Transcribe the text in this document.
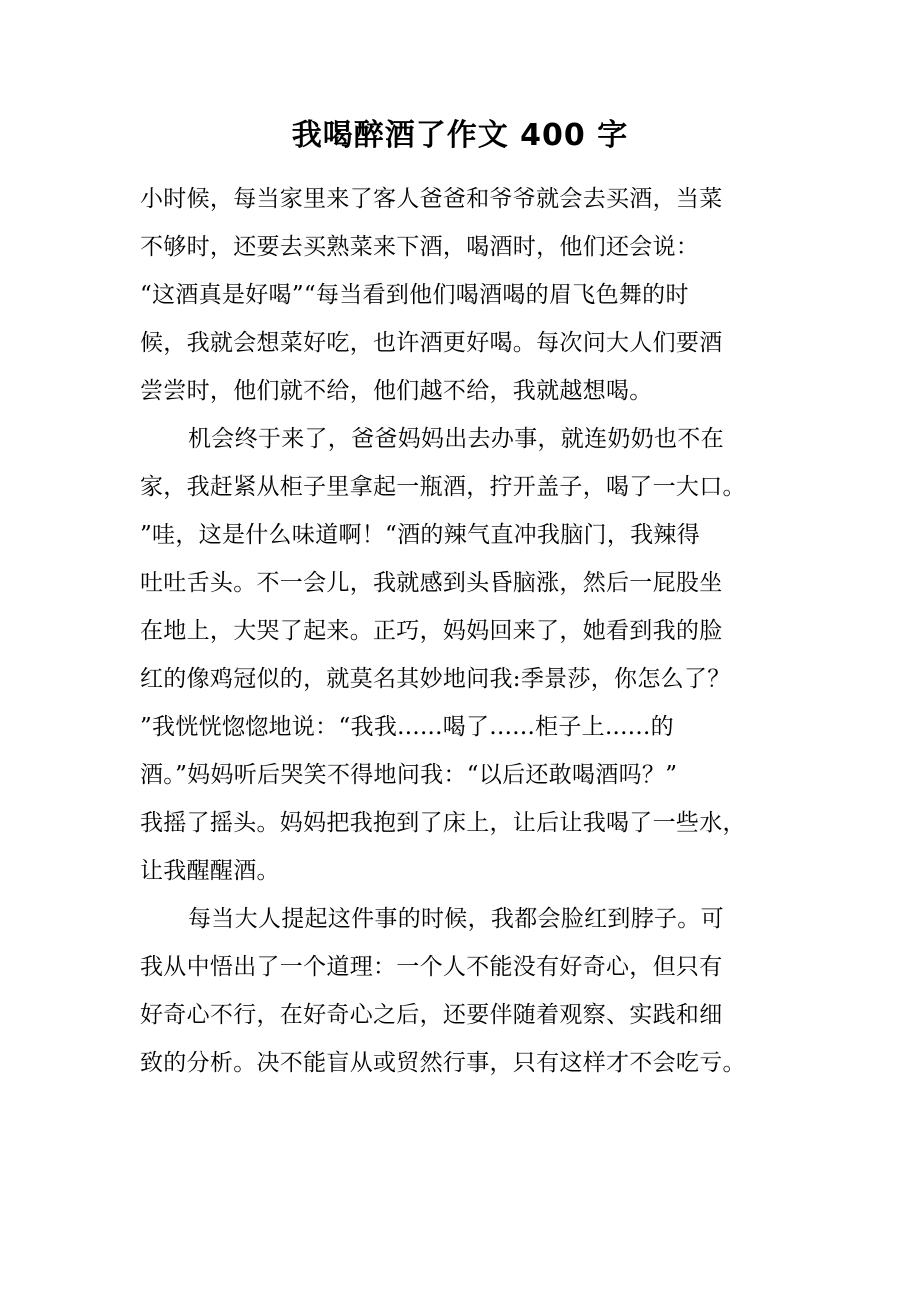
我喝醉酒了作文 400 字
小时候，每当家里来了客人爸爸和爷爷就会去买酒，当菜
不够时，还要去买熟菜来下酒，喝酒时，他们还会说：
“这酒真是好喝”“每当看到他们喝酒喝的眉飞色舞的时
候，我就会想菜好吃，也许酒更好喝。每次问大人们要酒
尝尝时，他们就不给，他们越不给，我就越想喝。
机会终于来了，爸爸妈妈出去办事，就连奶奶也不在
家，我赶紧从柜子里拿起一瓶酒，拧开盖子，喝了一大口。
”哇，这是什么味道啊！“酒的辣气直冲我脑门，我辣得
吐吐舌头。不一会儿，我就感到头昏脑涨，然后一屁股坐
在地上，大哭了起来。正巧，妈妈回来了，她看到我的脸
红的像鸡冠似的，就莫名其妙地问我:季景莎，你怎么了？
”我恍恍惚惚地说：“我我......喝了......柜子上......的
酒。”妈妈听后哭笑不得地问我：“以后还敢喝酒吗？”
我摇了摇头。妈妈把我抱到了床上，让后让我喝了一些水，
让我醒醒酒。
每当大人提起这件事的时候，我都会脸红到脖子。可
我从中悟出了一个道理：一个人不能没有好奇心，但只有
好奇心不行，在好奇心之后，还要伴随着观察、实践和细
致的分析。决不能盲从或贸然行事，只有这样才不会吃亏。
